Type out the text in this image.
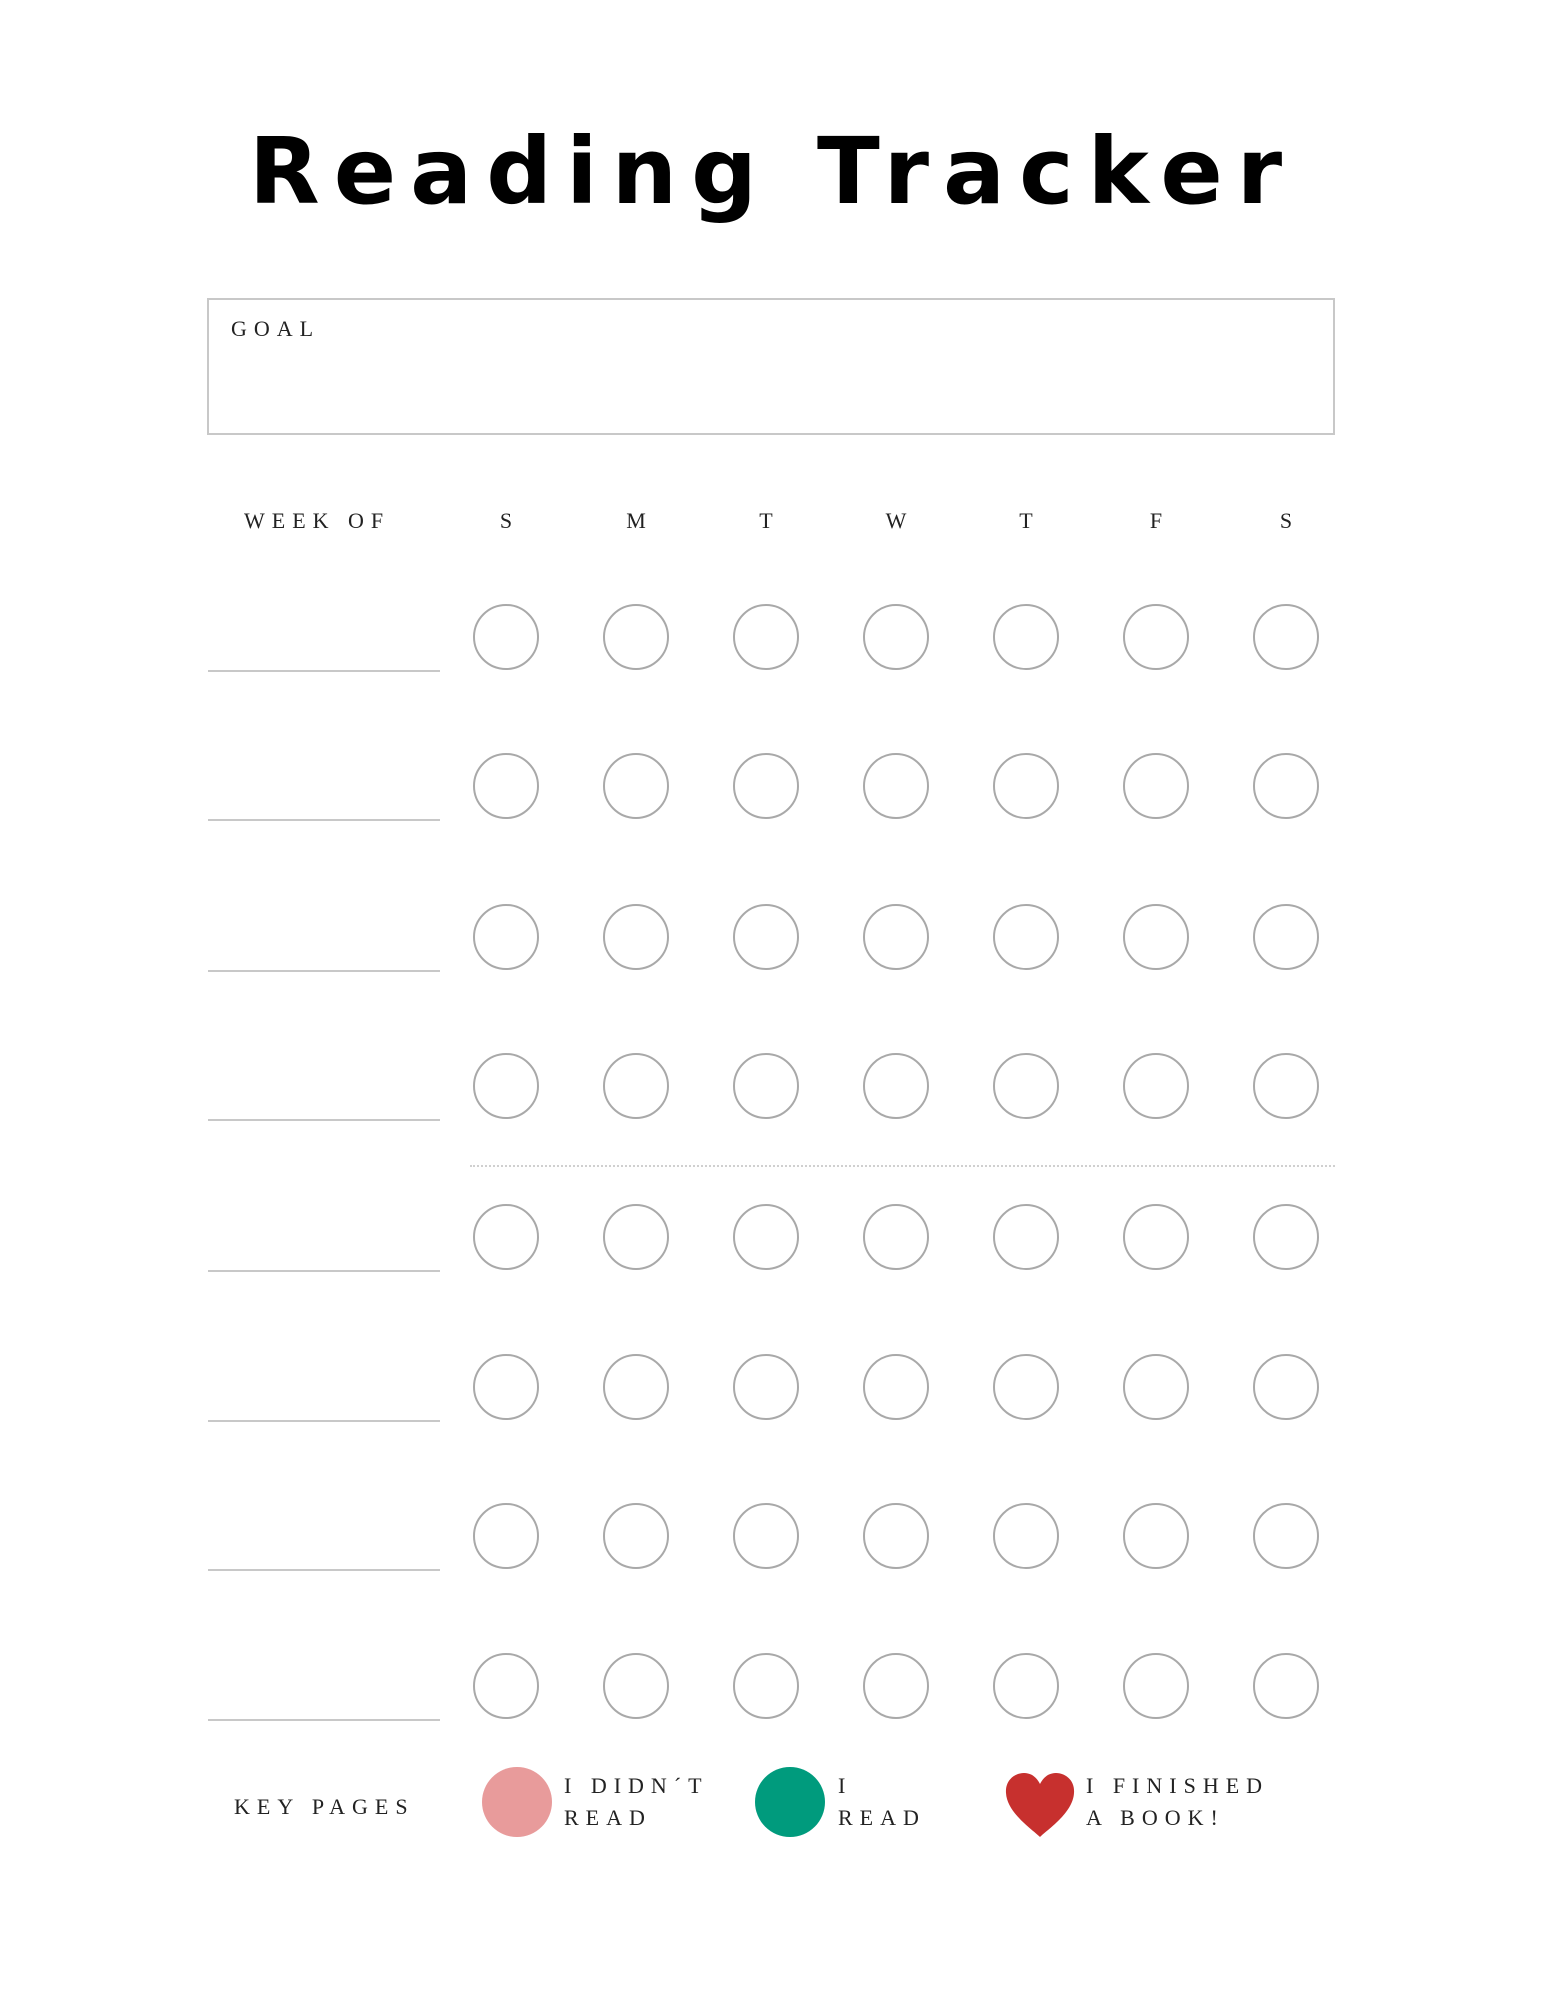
Reading Tracker
GOAL
WEEK OF	S	M	T	W	T	F	S
KEY PAGES
I DIDN´T
READ
I
READ
I FINISHED
A BOOK!
